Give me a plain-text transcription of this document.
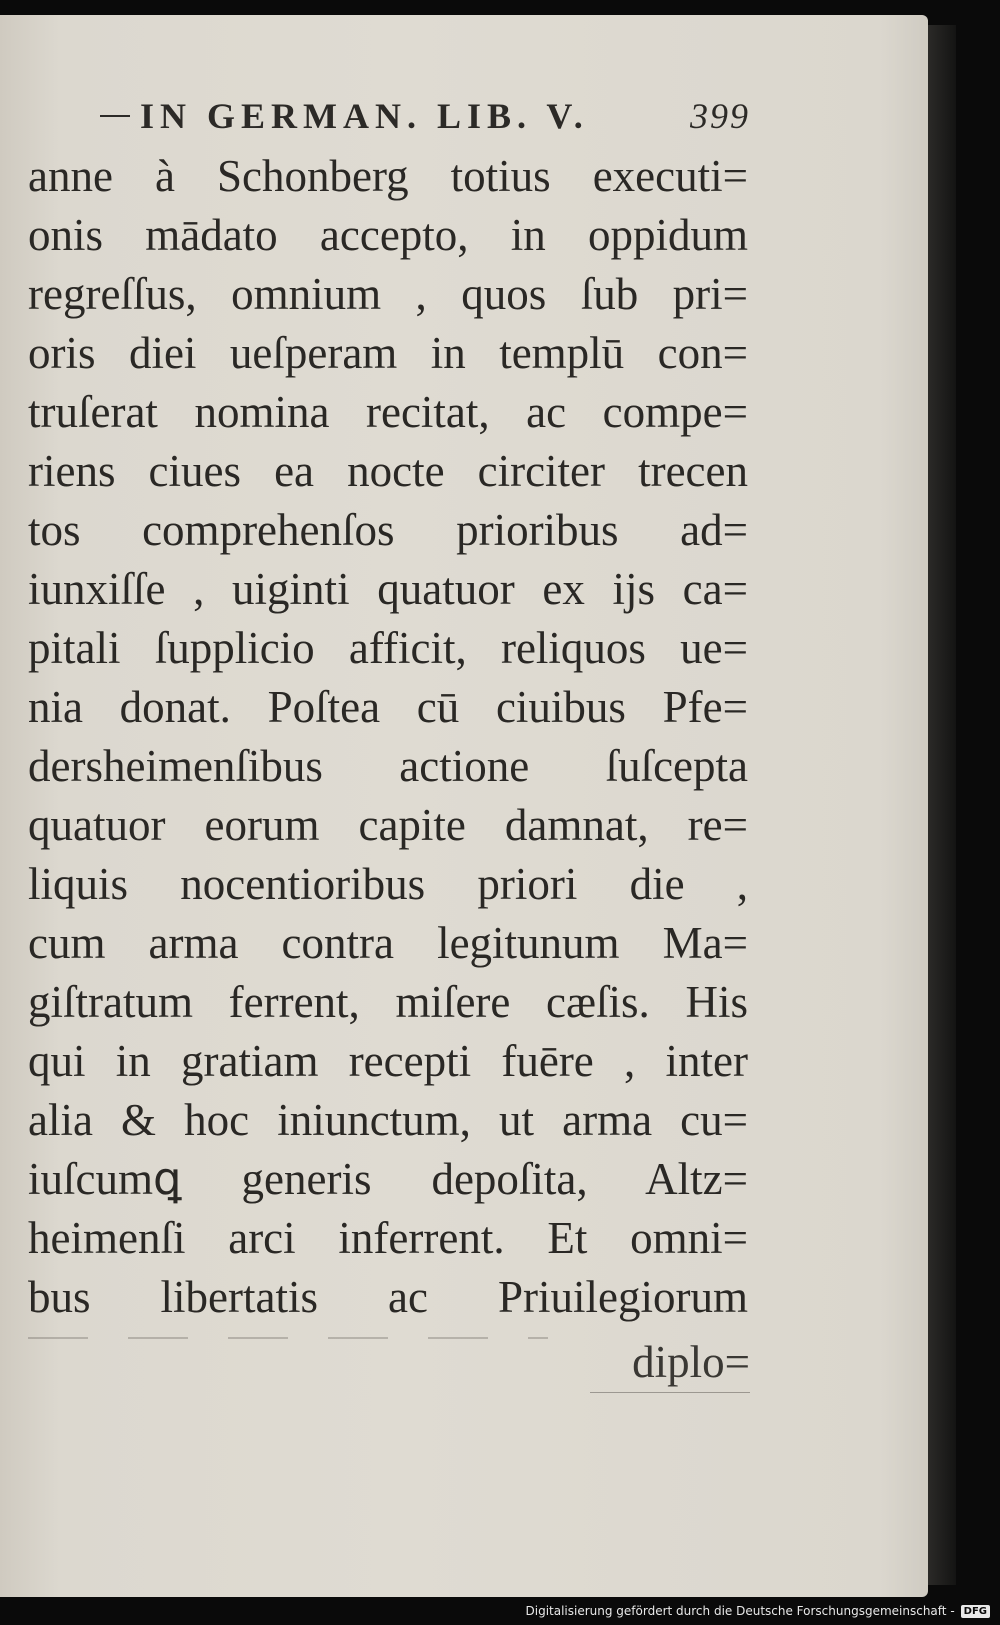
IN GERMAN. LIB. V.	399
anne à Schonberg totius executi=
onis mādato accepto, in oppidum
regreſſus, omnium , quos ſub pri=
oris diei ueſperam in templū con=
truſerat nomina recitat, ac compe=
riens ciues ea nocte circiter trecen
tos comprehenſos prioribus ad=
iunxiſſe , uiginti quatuor ex ijs ca=
pitali ſupplicio afficit, reliquos ue=
nia donat. Poſtea cū ciuibus Pfe=
dersheimenſibus actione ſuſcepta
quatuor eorum capite damnat, re=
liquis nocentioribus priori die ,
cum arma contra legitunum Ma=
giſtratum ferrent, miſere cæſis. His
qui in gratiam recepti fuēre , inter
alia & hoc iniunctum, ut arma cu=
iuſcumꝗ generis depoſita, Altz=
heimenſi arci inferrent. Et omni=
bus libertatis ac Priuilegiorum
diplo=
Digitalisierung gefördert durch die Deutsche Forschungsgemeinschaft - DFG
